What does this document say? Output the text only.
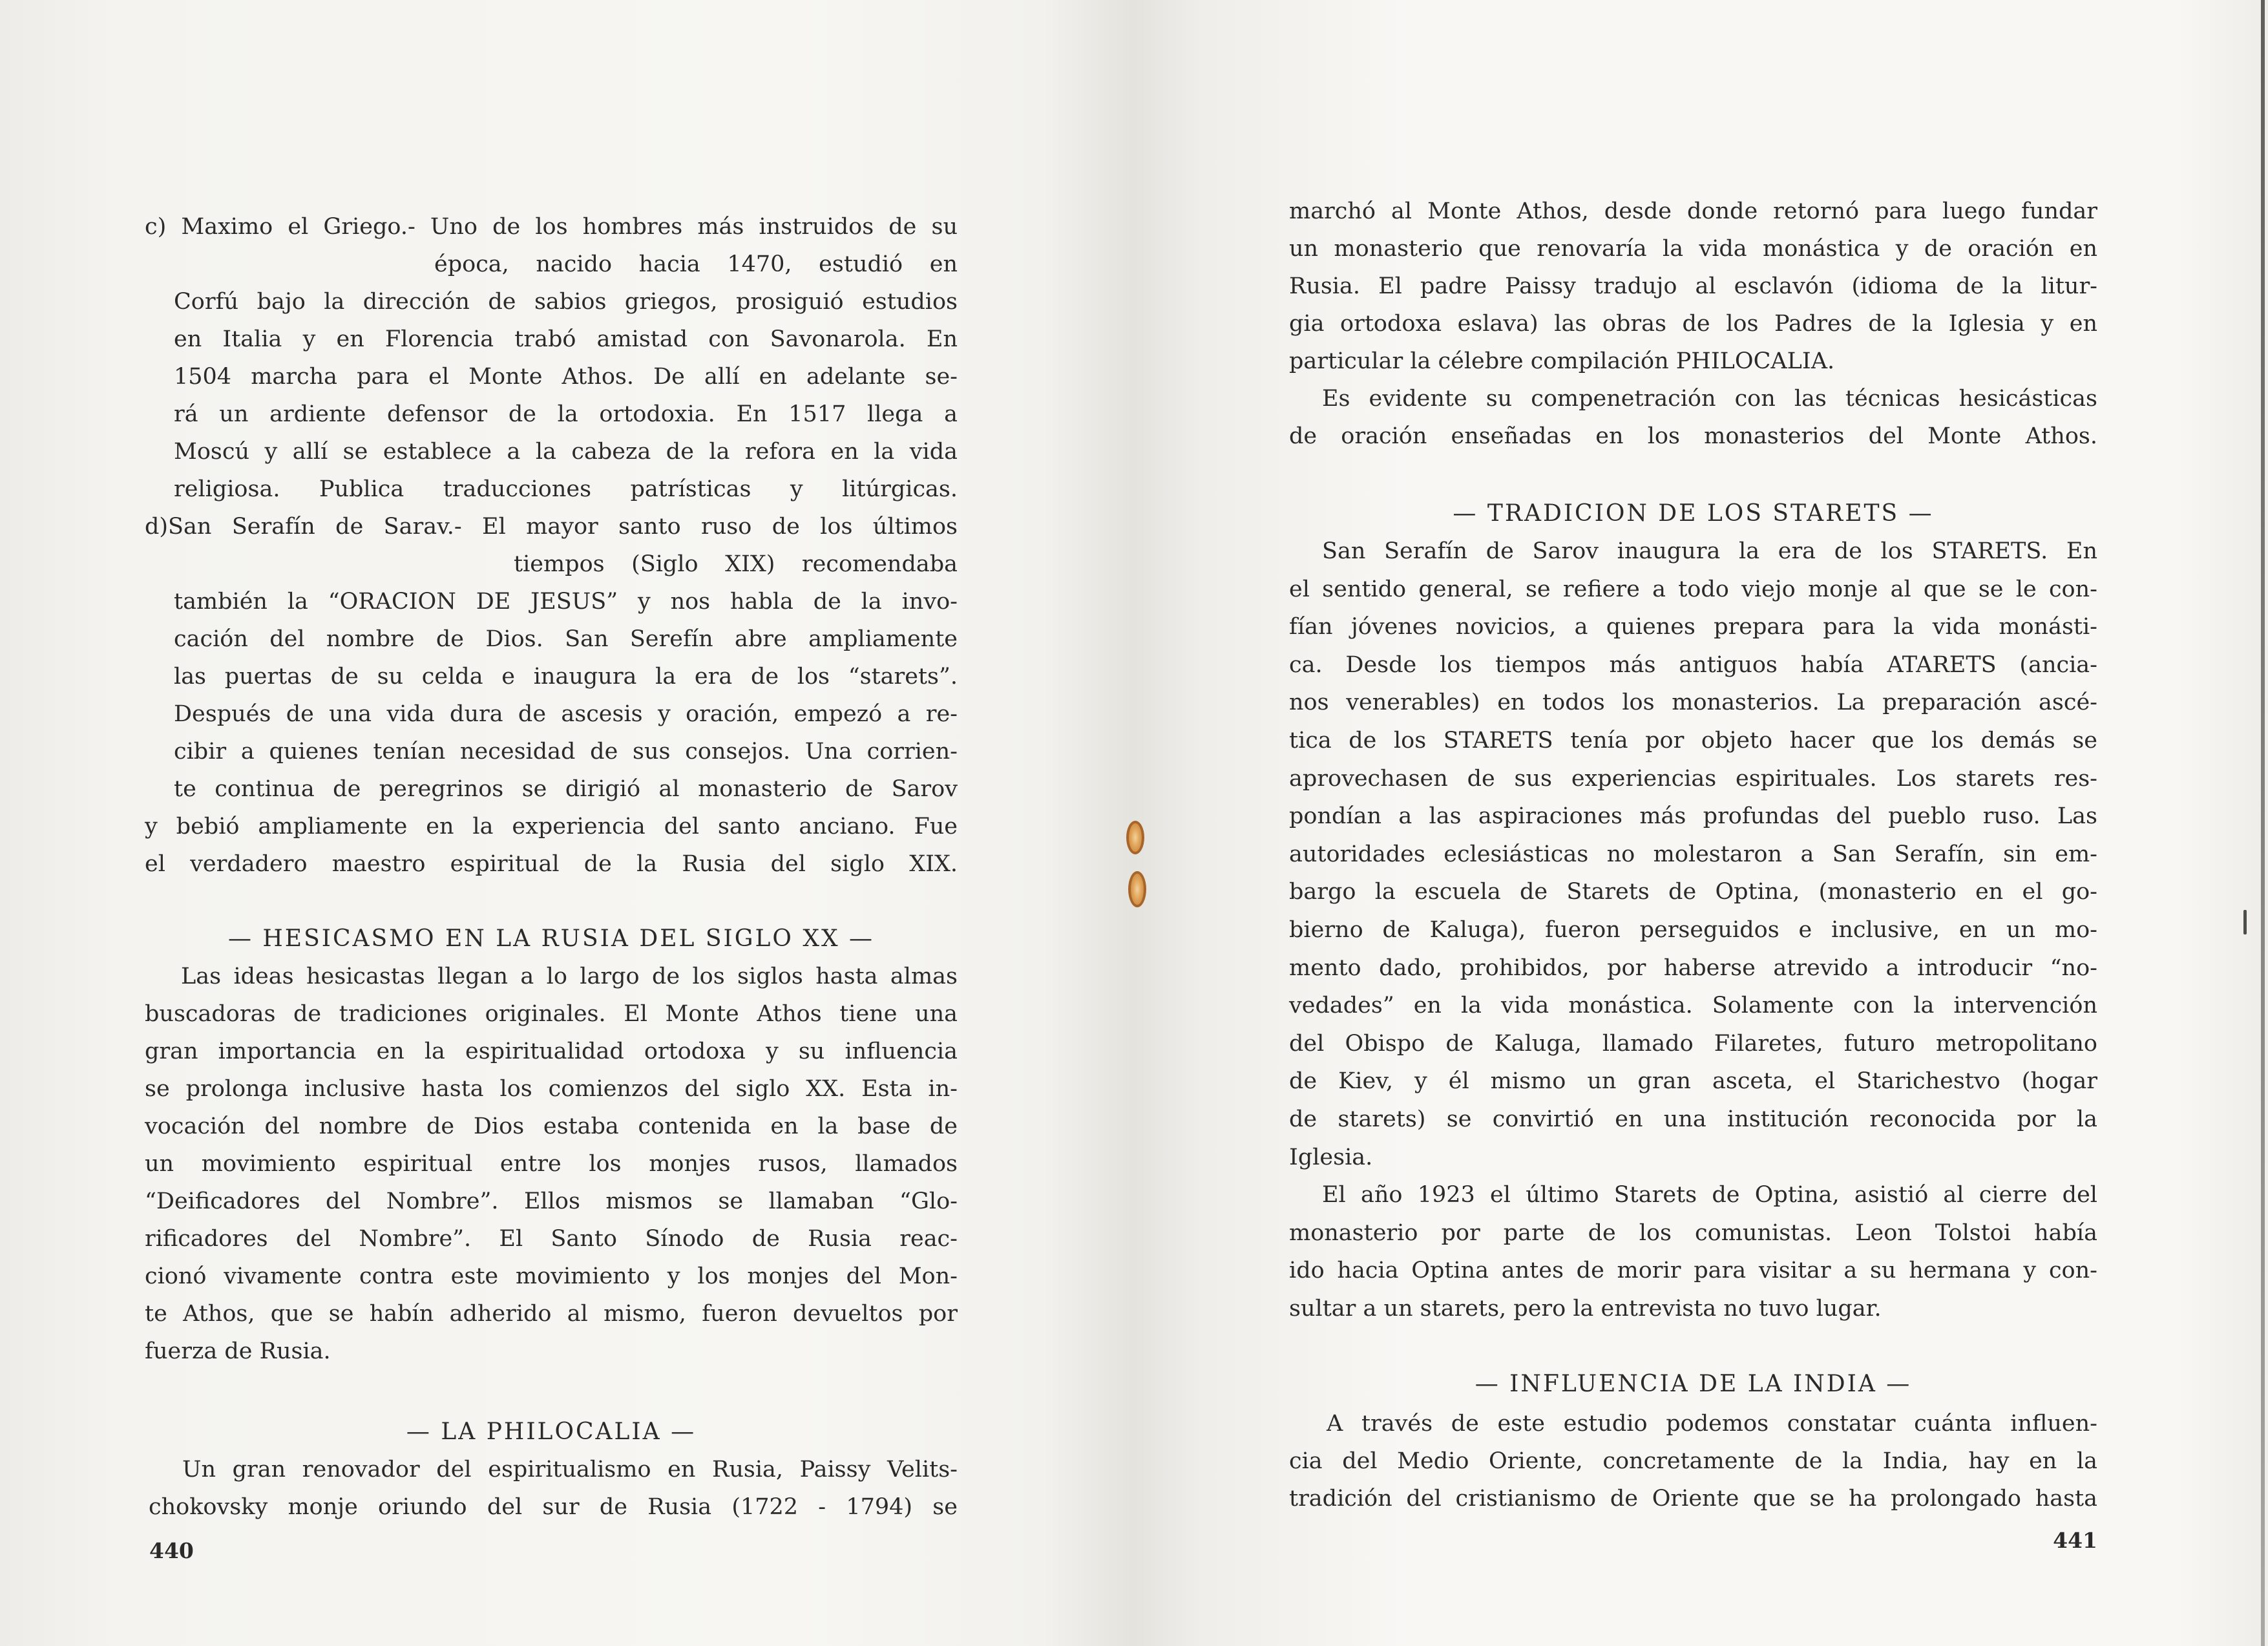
c) Maximo el Griego.- Uno de los hombres más instruidos de su
época, nacido hacia 1470, estudió en
Corfú bajo la dirección de sabios griegos, prosiguió estudios
en Italia y en Florencia trabó amistad con Savonarola. En
1504 marcha para el Monte Athos. De allí en adelante se-
rá un ardiente defensor de la ortodoxia. En 1517 llega a
Moscú y allí se establece a la cabeza de la refora en la vida
religiosa. Publica traducciones patrísticas y litúrgicas.
d)San Serafín de Sarav.- El mayor santo ruso de los últimos
tiempos (Siglo XIX) recomendaba
también la “ORACION DE JESUS” y nos habla de la invo-
cación del nombre de Dios. San Serefín abre ampliamente
las puertas de su celda e inaugura la era de los “starets”.
Después de una vida dura de ascesis y oración, empezó a re-
cibir a quienes tenían necesidad de sus consejos. Una corrien-
te continua de peregrinos se dirigió al monasterio de Sarov
y bebió ampliamente en la experiencia del santo anciano. Fue
el verdadero maestro espiritual de la Rusia del siglo XIX.
— HESICASMO EN LA RUSIA DEL SIGLO XX —
Las ideas hesicastas llegan a lo largo de los siglos hasta almas
buscadoras de tradiciones originales. El Monte Athos tiene una
gran importancia en la espiritualidad ortodoxa y su influencia
se prolonga inclusive hasta los comienzos del siglo XX. Esta in-
vocación del nombre de Dios estaba contenida en la base de
un movimiento espiritual entre los monjes rusos, llamados
“Deificadores del Nombre”. Ellos mismos se llamaban “Glo-
rificadores del Nombre”. El Santo Sínodo de Rusia reac-
cionó vivamente contra este movimiento y los monjes del Mon-
te Athos, que se habín adherido al mismo, fueron devueltos por
fuerza de Rusia.
— LA PHILOCALIA —
Un gran renovador del espiritualismo en Rusia, Paissy Velits-
chokovsky monje oriundo del sur de Rusia (1722 - 1794) se
440
marchó al Monte Athos, desde donde retornó para luego fundar
un monasterio que renovaría la vida monástica y de oración en
Rusia. El padre Paissy tradujo al esclavón (idioma de la litur-
gia ortodoxa eslava) las obras de los Padres de la Iglesia y en
particular la célebre compilación PHILOCALIA.
Es evidente su compenetración con las técnicas hesicásticas
de oración enseñadas en los monasterios del Monte Athos.
— TRADICION DE LOS STARETS —
San Serafín de Sarov inaugura la era de los STARETS. En
el sentido general, se refiere a todo viejo monje al que se le con-
fían jóvenes novicios, a quienes prepara para la vida monásti-
ca. Desde los tiempos más antiguos había ATARETS (ancia-
nos venerables) en todos los monasterios. La preparación ascé-
tica de los STARETS tenía por objeto hacer que los demás se
aprovechasen de sus experiencias espirituales. Los starets res-
pondían a las aspiraciones más profundas del pueblo ruso. Las
autoridades eclesiásticas no molestaron a San Serafín, sin em-
bargo la escuela de Starets de Optina, (monasterio en el go-
bierno de Kaluga), fueron perseguidos e inclusive, en un mo-
mento dado, prohibidos, por haberse atrevido a introducir “no-
vedades” en la vida monástica. Solamente con la intervención
del Obispo de Kaluga, llamado Filaretes, futuro metropolitano
de Kiev, y él mismo un gran asceta, el Starichestvo (hogar
de starets) se convirtió en una institución reconocida por la
Iglesia.
El año 1923 el último Starets de Optina, asistió al cierre del
monasterio por parte de los comunistas. Leon Tolstoi había
ido hacia Optina antes de morir para visitar a su hermana y con-
sultar a un starets, pero la entrevista no tuvo lugar.
— INFLUENCIA DE LA INDIA —
A través de este estudio podemos constatar cuánta influen-
cia del Medio Oriente, concretamente de la India, hay en la
tradición del cristianismo de Oriente que se ha prolongado hasta
441
